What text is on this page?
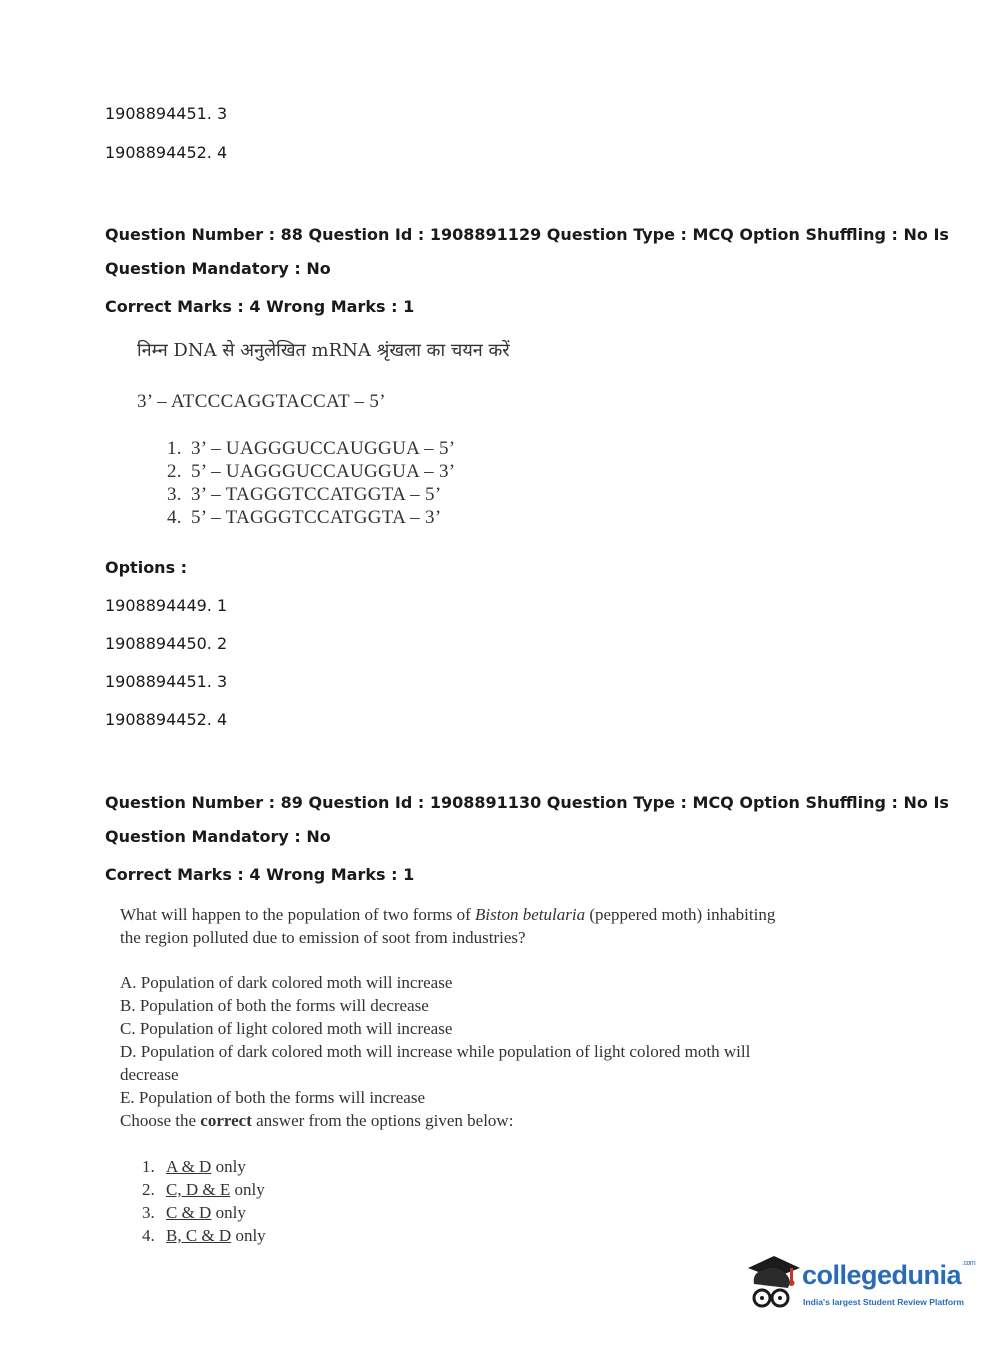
1908894451. 3
1908894452. 4
Question Number : 88 Question Id : 1908891129 Question Type : MCQ Option Shuffling : No Is
Question Mandatory : No
Correct Marks : 4 Wrong Marks : 1
निम्न DNA से अनुलेखित mRNA श्रृंखला का चयन करें
3’ – ATCCCAGGTACCAT – 5’
1. 3’ – UAGGGUCCAUGGUA – 5’
2. 5’ – UAGGGUCCAUGGUA – 3’
3. 3’ – TAGGGTCCATGGTA – 5’
4. 5’ – TAGGGTCCATGGTA – 3’
Options :
1908894449. 1
1908894450. 2
1908894451. 3
1908894452. 4
Question Number : 89 Question Id : 1908891130 Question Type : MCQ Option Shuffling : No Is
Question Mandatory : No
Correct Marks : 4 Wrong Marks : 1
What will happen to the population of two forms of Biston betularia (peppered moth) inhabiting
the region polluted due to emission of soot from industries?
A. Population of dark colored moth will increase
B. Population of both the forms will decrease
C. Population of light colored moth will increase
D. Population of dark colored moth will increase while population of light colored moth will
decrease
E. Population of both the forms will increase
Choose the correct answer from the options given below:
1. A & D only
2. C, D & E only
3. C & D only
4. B, C & D only
collegedunia$^{.com}$
India's largest Student Review Platform
